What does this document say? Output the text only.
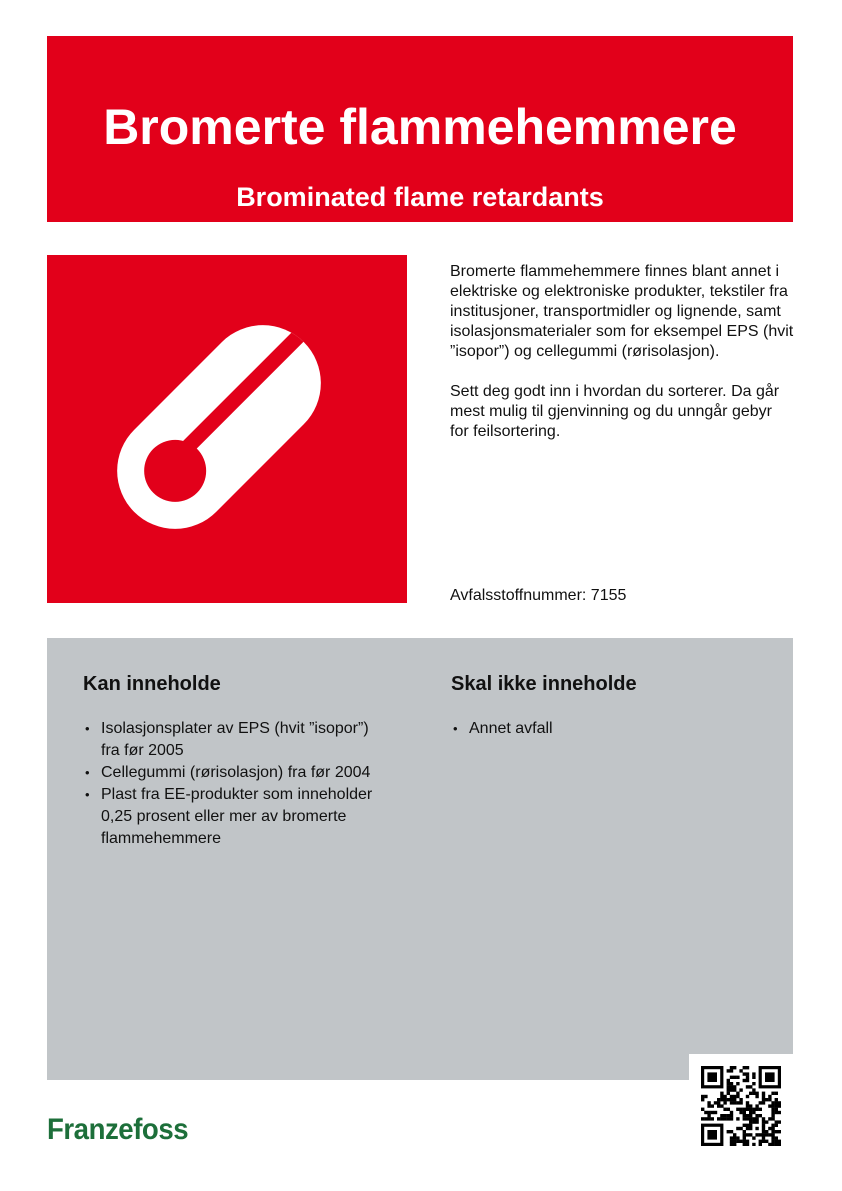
Bromerte flammehemmere
Brominated flame retardants

Bromerte flammehemmere finnes blant annet i elektriske og elektroniske produkter, tekstiler fra institusjoner, transportmidler og lignende, samt isolasjonsmaterialer som for eksempel EPS (hvit ”isopor”) og cellegummi (rørisolasjon).

Sett deg godt inn i hvordan du sorterer. Da går mest mulig til gjenvinning og du unngår gebyr for feilsortering.

Avfalsstoffnummer: 7155
Kan inneholde
• Isolasjonsplater av EPS (hvit ”isopor”) fra før 2005
• Cellegummi (rørisolasjon) fra før 2004
• Plast fra EE-produkter som inneholder 0,25 prosent eller mer av bromerte flammehemmere
Skal ikke inneholde
• Annet avfall
Franzefoss
